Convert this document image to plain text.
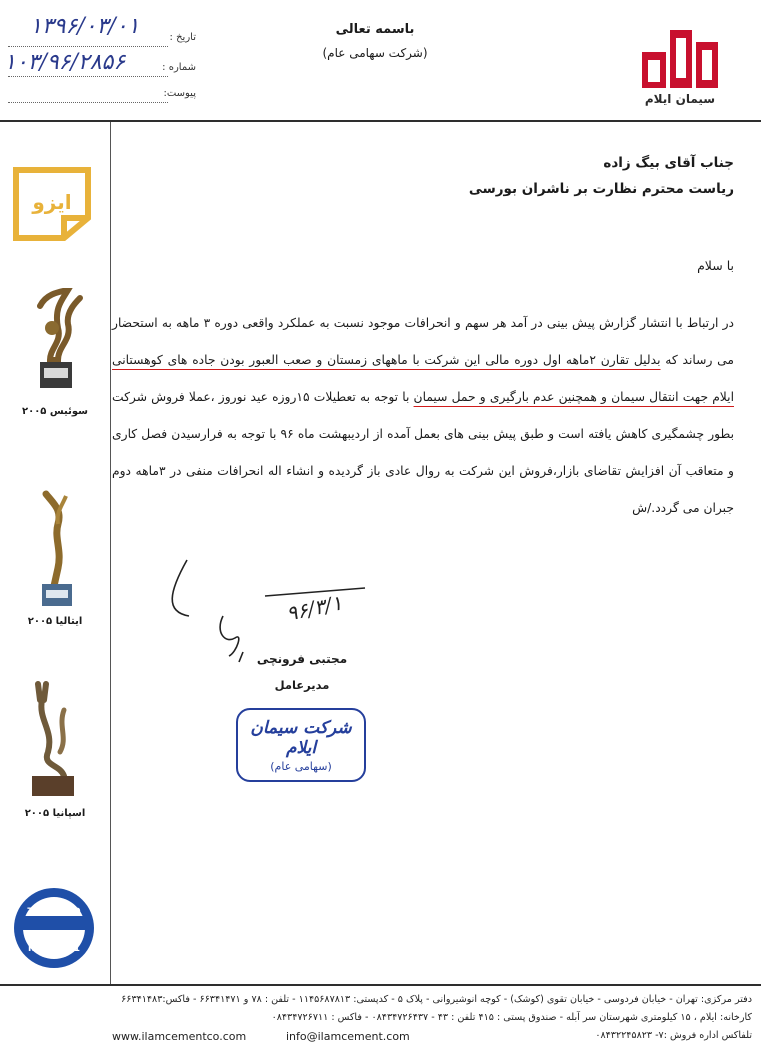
باسمه تعالی
(شرکت سهامی عام)
تاریخ :
۱۳۹۶/۰۳/۰۱
شماره :
۱۰۳/۹۶/۲۸۵۶
پیوست:	سیمان ایلام
ایزو
سوئیس ۲۰۰۵
ایتالیا ۲۰۰۵
اسپانیا ۲۰۰۵
TÜV NORD
ISO 14001
جناب آقای بیگ زاده
ریاست محترم نظارت بر ناشران بورسی
با سلام
در ارتباط با انتشار گزارش پیش بینی در آمد هر سهم و انحرافات موجود نسبت به عملکرد واقعی دوره ۳ ماهه به استحضار می رساند که بدلیل تقارن ۲ماهه اول دوره مالی این شرکت با ماههای زمستان و صعب العبور بودن جاده های کوهستانی ایلام جهت انتقال سیمان و همچنین عدم بارگیری و حمل سیمان با توجه به تعطیلات ۱۵روزه عید نوروز ،عملا فروش شرکت بطور چشمگیری کاهش یافته است و طبق پیش بینی های بعمل آمده از اردیبهشت ماه ۹۶ با توجه به فرارسیدن فصل کاری و متعاقب آن افزایش تقاضای بازار،فروش این شرکت به روال عادی باز گردیده و انشاء اله انحرافات منفی در ۳ماهه دوم جبران می گردد./ش
۹۶/۳/۱
مجتبی فرونچی
مدیرعامل
شرکت سیمان ایلام
(سهامی عام)
دفتر مرکزی: تهران - خیابان فردوسی - خیابان تقوی (کوشک) - کوچه انوشیروانی - پلاک ۵ - کدپستی: ۱۱۴۵۶۸۷۸۱۳ - تلفن : ۷۸ و ۶۶۳۴۱۴۷۱ - فاکس:۶۶۳۴۱۴۸۳
کارخانه: ایلام ، ۱۵ کیلومتری شهرستان سر آبله - صندوق پستی : ۴۱۵ تلفن : ۴۳ - ۰۸۴۳۴۷۲۶۴۳۷ - فاکس : ۰۸۴۳۴۷۲۶۷۱۱
تلفاکس اداره فروش :۷- ۰۸۴۳۲۲۴۵۸۲۳
info@ilamcement.com
www.ilamcementco.com
